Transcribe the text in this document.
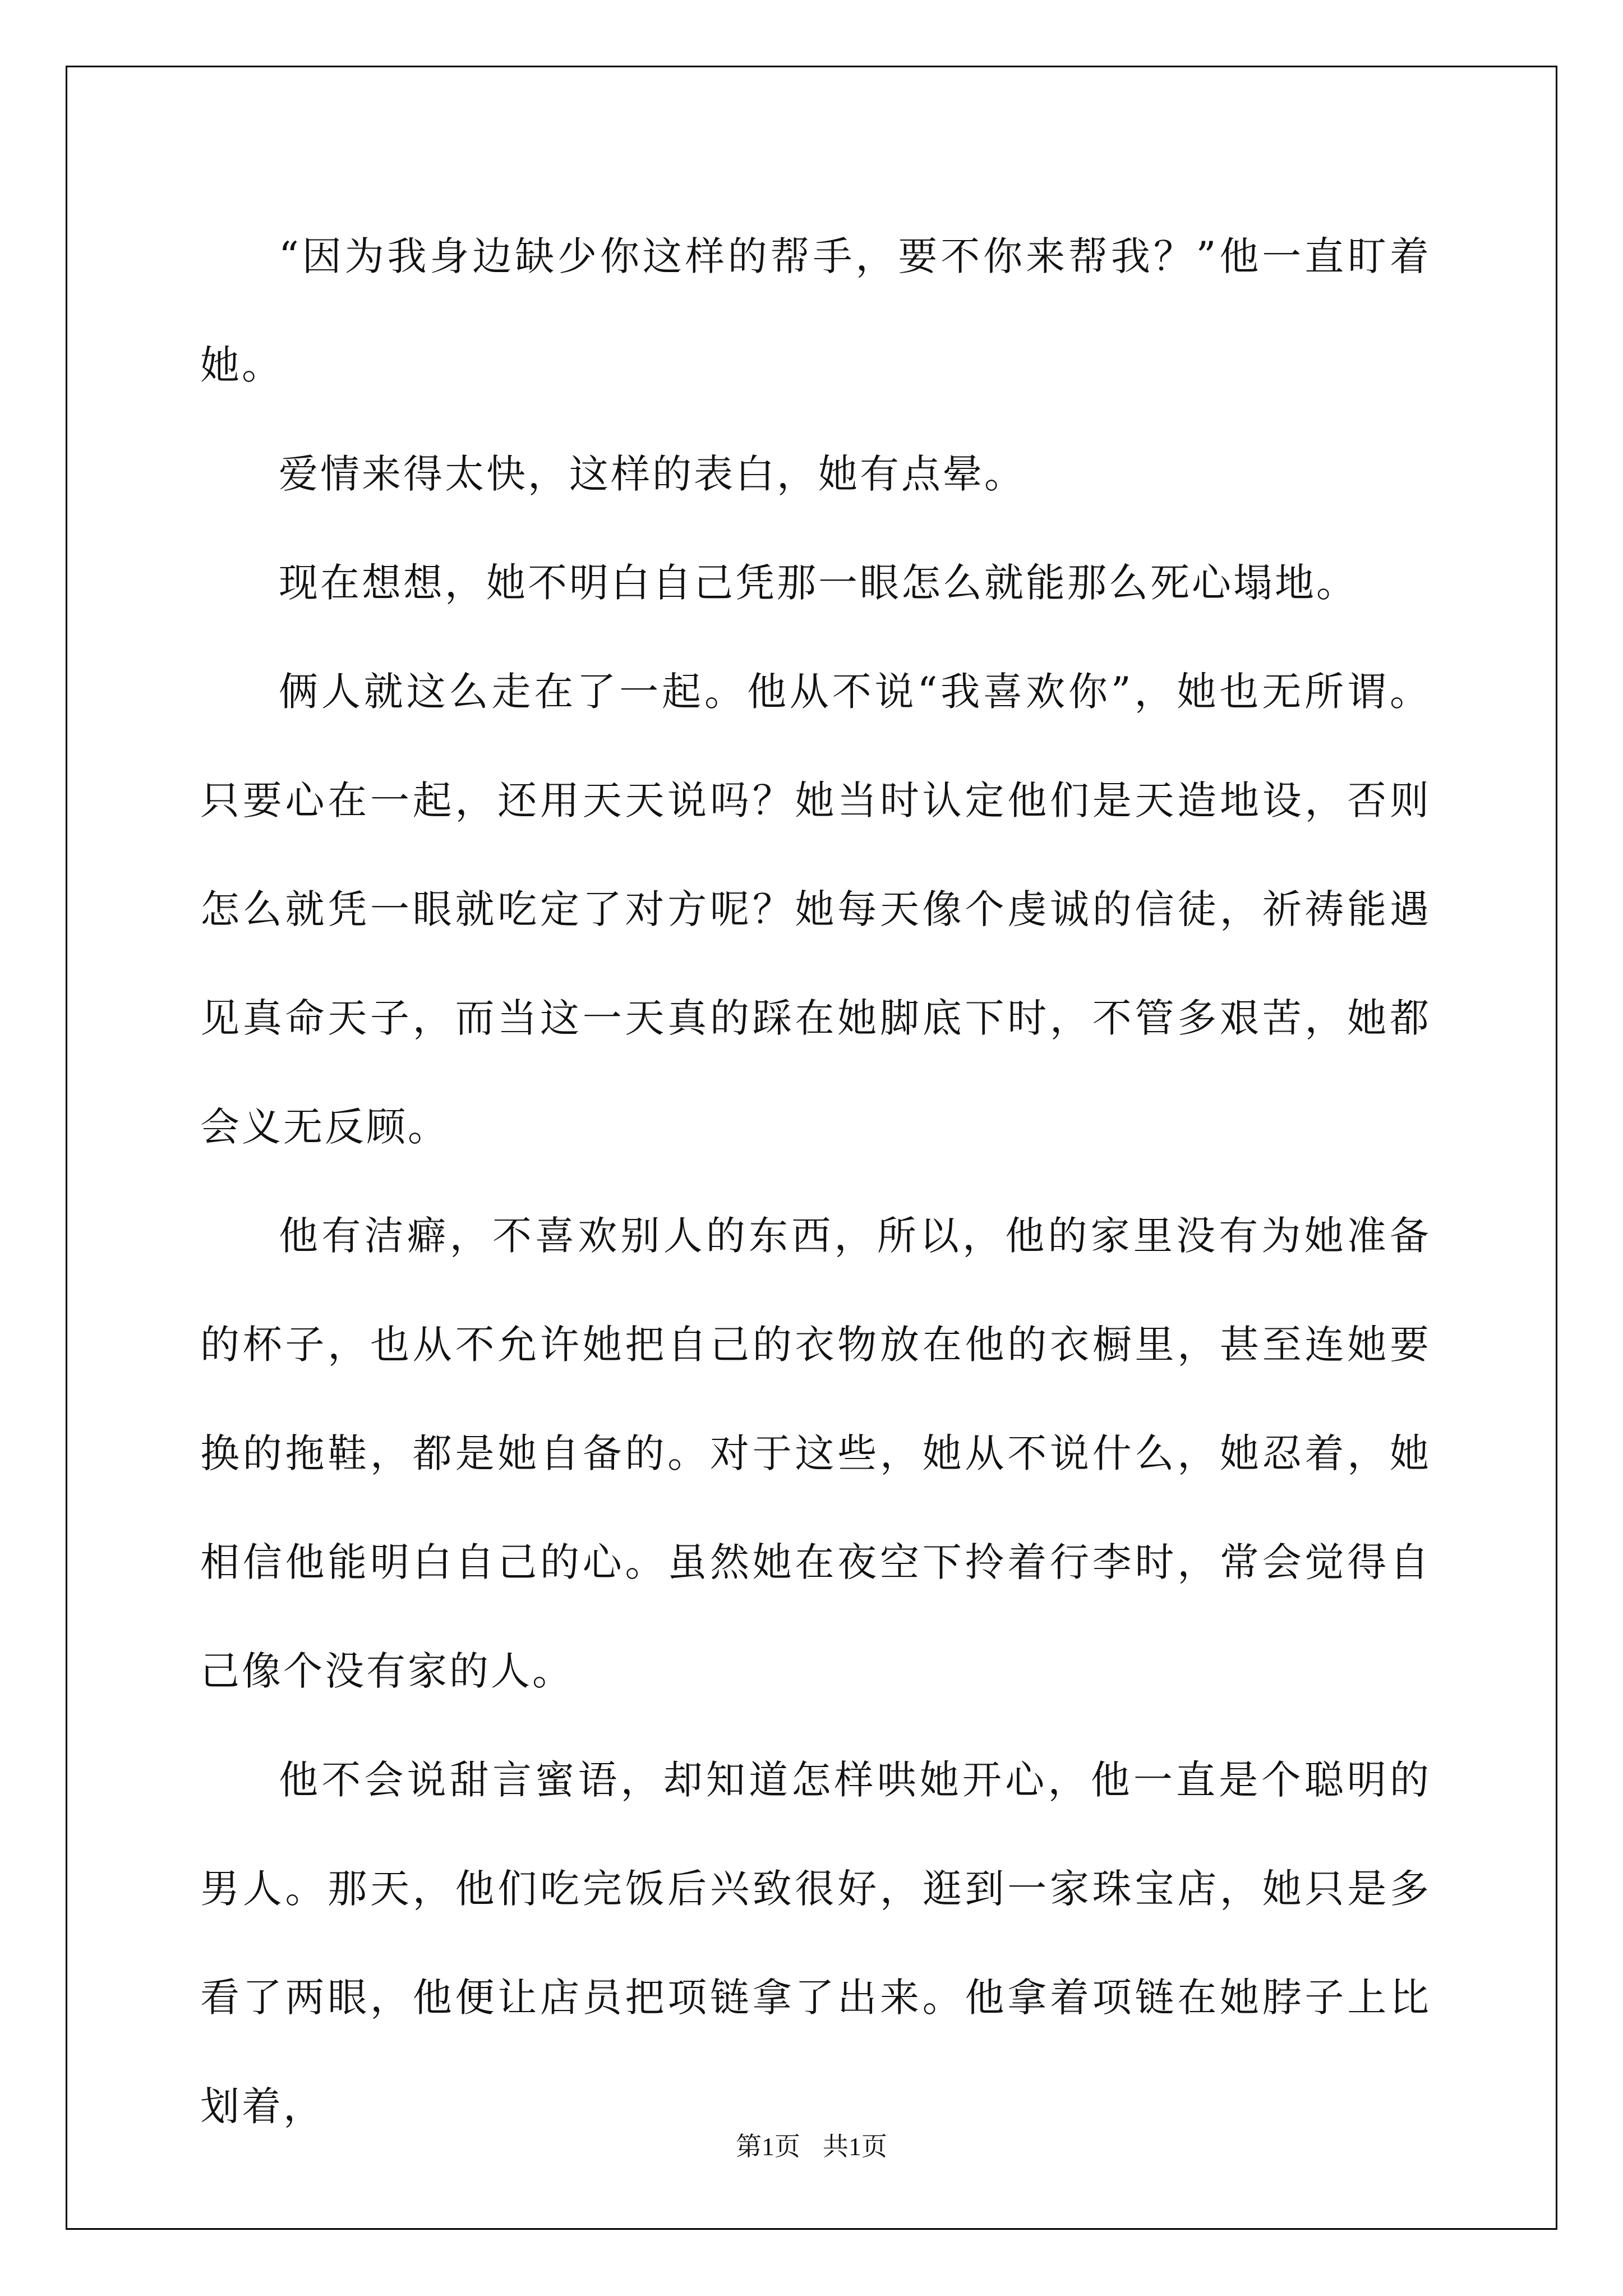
“因为我身边缺少你这样的帮手，要不你来帮我？”他一直盯着她。

爱情来得太快，这样的表白，她有点晕。

现在想想，她不明白自己凭那一眼怎么就能那么死心塌地。

俩人就这么走在了一起。他从不说“我喜欢你”，她也无所谓。只要心在一起，还用天天说吗？她当时认定他们是天造地设，否则怎么就凭一眼就吃定了对方呢？她每天像个虔诚的信徒，祈祷能遇见真命天子，而当这一天真的踩在她脚底下时，不管多艰苦，她都会义无反顾。

他有洁癖，不喜欢别人的东西，所以，他的家里没有为她准备的杯子，也从不允许她把自己的衣物放在他的衣橱里，甚至连她要换的拖鞋，都是她自备的。对于这些，她从不说什么，她忍着，她相信他能明白自己的心。虽然她在夜空下拎着行李时，常会觉得自己像个没有家的人。

他不会说甜言蜜语，却知道怎样哄她开心，他一直是个聪明的男人。那天，他们吃完饭后兴致很好，逛到一家珠宝店，她只是多看了两眼，他便让店员把项链拿了出来。他拿着项链在她脖子上比划着，

第1页 共1页
